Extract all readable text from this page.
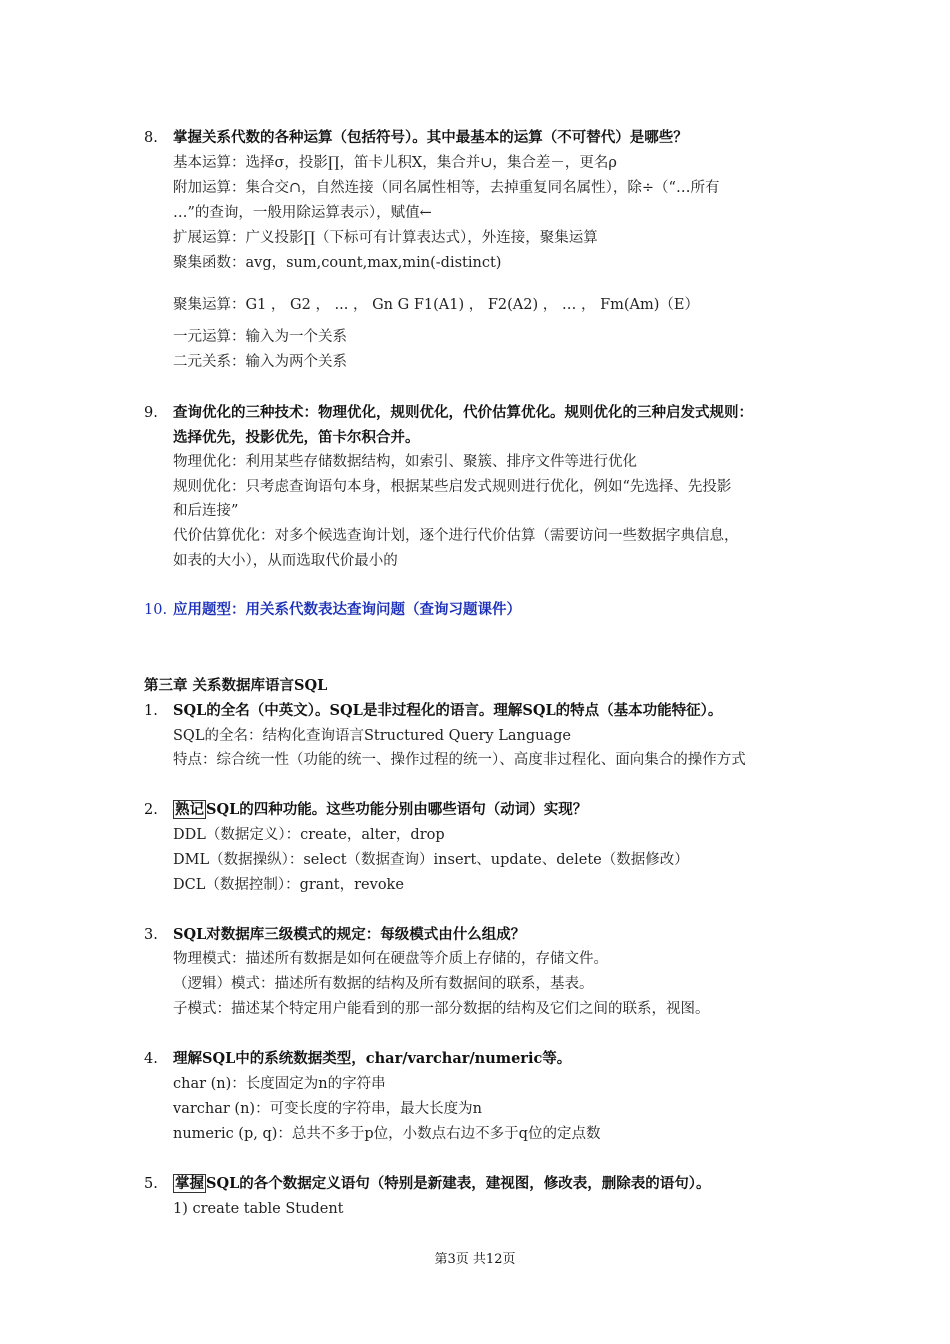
8. 掌握关系代数的各种运算（包括符号）。其中最基本的运算（不可替代）是哪些？
基本运算：选择σ，投影∏，笛卡儿积X，集合并∪，集合差－，更名ρ
附加运算：集合交∩，自然连接（同名属性相等，去掉重复同名属性），除÷（“…所有
…”的查询，一般用除运算表示），赋值←
扩展运算：广义投影∏（下标可有计算表达式），外连接，聚集运算
聚集函数：avg，sum,count,max,min(-distinct)
聚集运算：G1 ， G2 ， ... ， Gn G F1(A1) ， F2(A2) ， … ， Fm(Am)（E）
一元运算：输入为一个关系
二元关系：输入为两个关系
9. 查询优化的三种技术：物理优化，规则优化，代价估算优化。规则优化的三种启发式规则：
选择优先，投影优先，笛卡尔积合并。
物理优化：利用某些存储数据结构，如索引、聚簇、排序文件等进行优化
规则优化：只考虑查询语句本身，根据某些启发式规则进行优化，例如“先选择、先投影
和后连接”
代价估算优化：对多个候选查询计划，逐个进行代价估算（需要访问一些数据字典信息，
如表的大小），从而选取代价最小的
10. 应用题型：用关系代数表达查询问题（查询习题课件）
第三章 关系数据库语言SQL
1. SQL的全名（中英文）。SQL是非过程化的语言。理解SQL的特点（基本功能特征）。
SQL的全名：结构化查询语言Structured Query Language
特点：综合统一性（功能的统一、操作过程的统一）、高度非过程化、面向集合的操作方式
2. 熟记 SQL的四种功能。这些功能分别由哪些语句（动词）实现？
DDL（数据定义）：create，alter，drop
DML（数据操纵）：select（数据查询）insert、update、delete（数据修改）
DCL（数据控制）：grant，revoke
3. SQL对数据库三级模式的规定：每级模式由什么组成？
物理模式：描述所有数据是如何在硬盘等介质上存储的，存储文件。
（逻辑）模式：描述所有数据的结构及所有数据间的联系，基表。
子模式：描述某个特定用户能看到的那一部分数据的结构及它们之间的联系，视图。
4. 理解SQL中的系统数据类型，char/varchar/numeric等。
char (n)：长度固定为n的字符串
varchar (n)：可变长度的字符串，最大长度为n
numeric (p, q)：总共不多于p位，小数点右边不多于q位的定点数
5. 掌握 SQL的各个数据定义语句（特别是新建表，建视图，修改表，删除表的语句）。
1) create table Student
第3页 共12页
